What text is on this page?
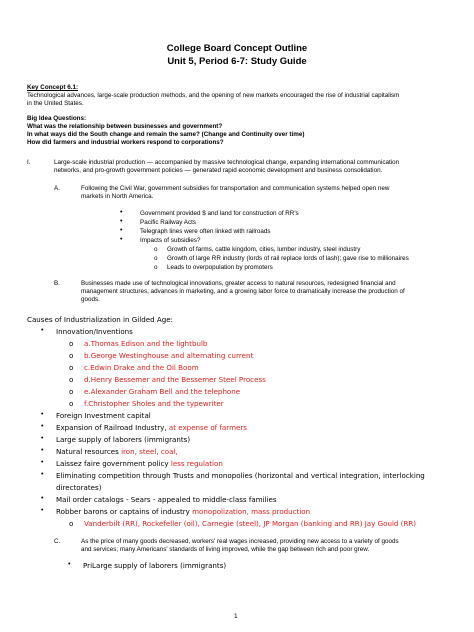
College Board Concept Outline
Unit 5, Period 6-7: Study Guide
Key Concept 6.1:
Technological advances, large-scale production methods, and the opening of new markets encouraged the rise of industrial capitalism
in the United States.
Big Idea Questions:
What was the relationship between businesses and government?
In what ways did the South change and remain the same? (Change and Continuity over time)
How did farmers and industrial workers respond to corporations?
I.	Large-scale industrial production — accompanied by massive technological change, expanding international communication
networks, and pro-growth government policies — generated rapid economic development and business consolidation.
A.	Following the Civil War, government subsidies for transportation and communication systems helped open new
markets in North America.
•	Government provided $ and land for construction of RR's
•	Pacific Railway Acts
•	Telegraph lines were often linked with railroads
•	Impacts of subsidies?
o Growth of farms, cattle kingdom, cities, lumber industry, steel industry
o Growth of large RR industry (lords of rail replace lords of lash); gave rise to millionaires
o Leads to overpopulation by promoters
B.	Businesses made use of technological innovations, greater access to natural resources, redesigned financial and
management structures, advances in marketing, and a growing labor force to dramatically increase the production of
goods.
Causes of Industrialization in Gilded Age:
• Innovation/Inventions
o a.Thomas Edison and the lightbulb
o b.George Westinghouse and alternating current
o c.Edwin Drake and the Oil Boom
o d.Henry Bessemer and the Bessemer Steel Process
o e.Alexander Graham Bell and the telephone
o f.Christopher Sholes and the typewriter
• Foreign Investment capital
• Expansion of Railroad Industry, at expense of farmers
• Large supply of laborers (immigrants)
• Natural resources iron, steel, coal,
• Laissez faire government policy less regulation
• Eliminating competition through Trusts and monopolies (horizontal and vertical integration, interlocking
directorates)
• Mail order catalogs - Sears - appealed to middle-class families
• Robber barons or captains of industry monopolization, mass production
o Vanderbilt (RR), Rockefeller (oil), Carnegie (steel), JP Morgan (banking and RR) Jay Gould (RR)
C.	As the price of many goods decreased, workers' real wages increased, providing new access to a variety of goods
and services; many Americans' standards of living improved, while the gap between rich and poor grew.
• PriLarge supply of laborers (immigrants)
1
